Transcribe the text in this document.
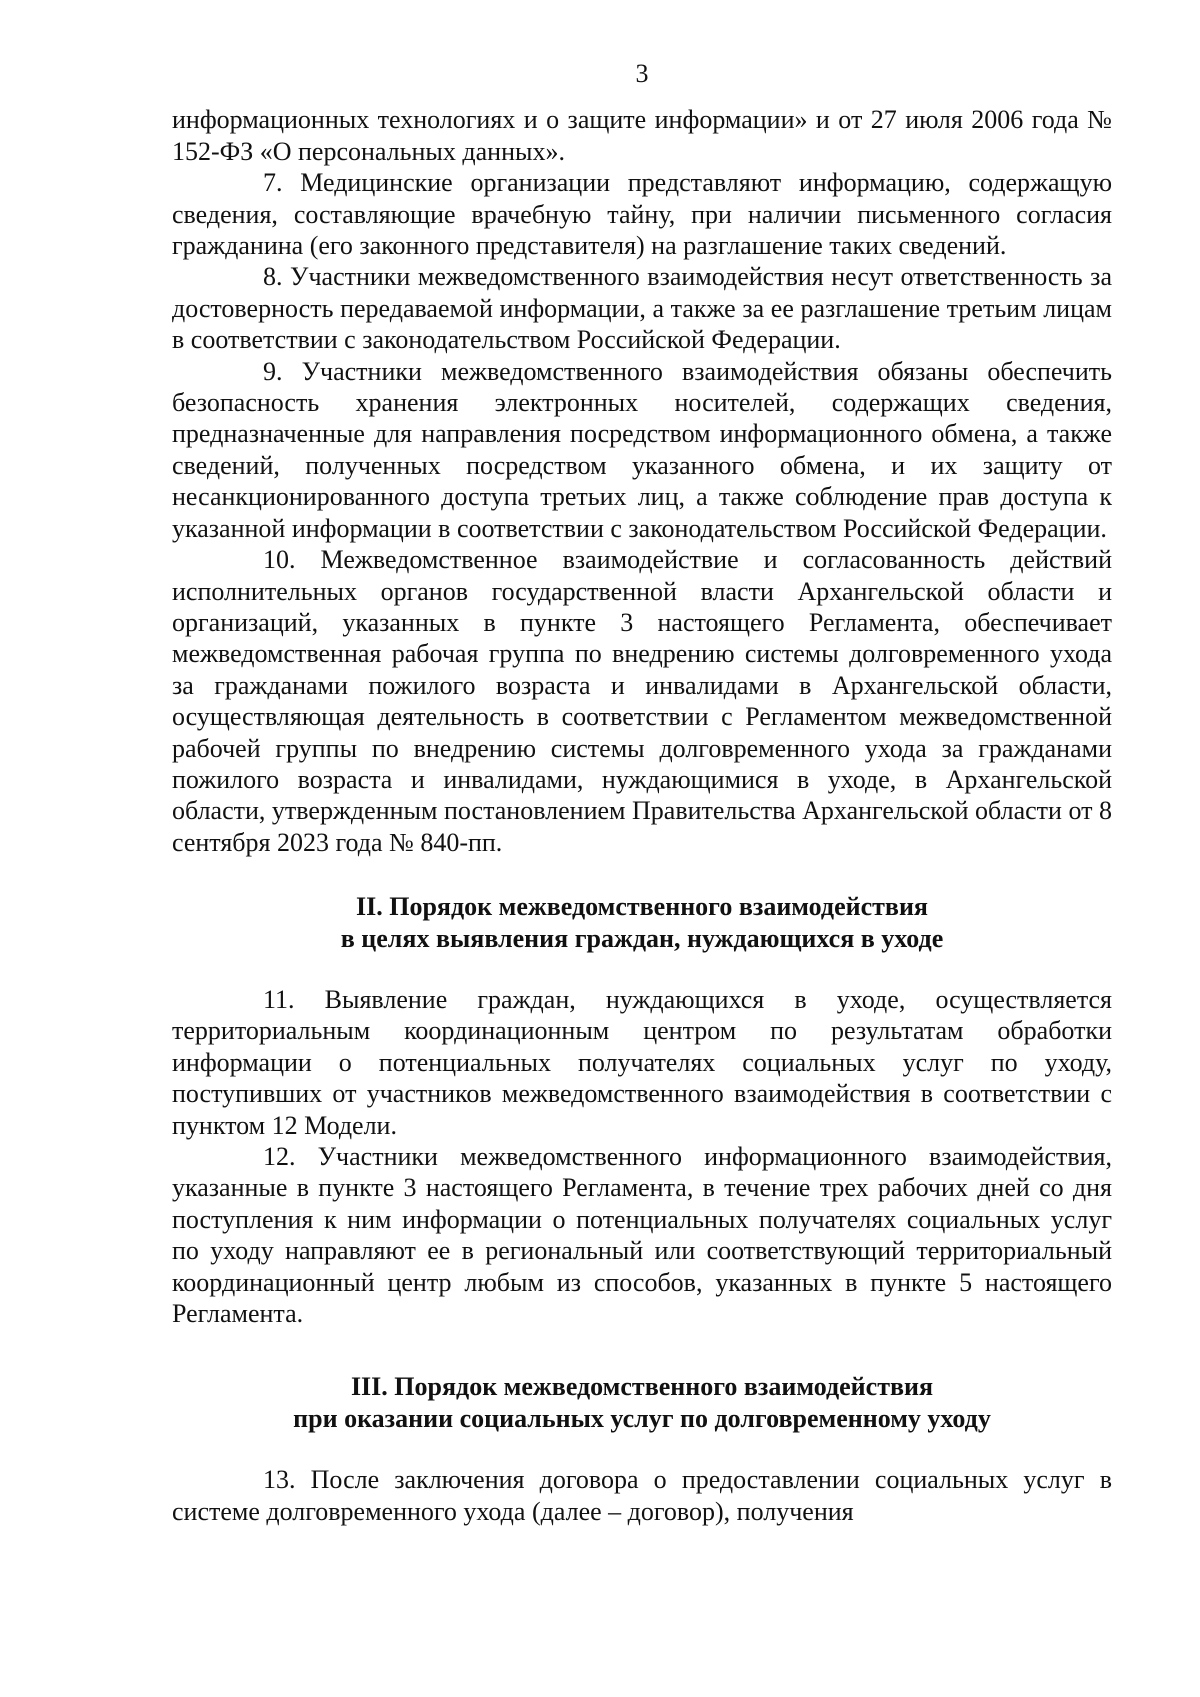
3

информационных технологиях и о защите информации» и от 27 июля 2006 года № 152-ФЗ «О персональных данных».

7. Медицинские организации представляют информацию, содержащую сведения, составляющие врачебную тайну, при наличии письменного согласия гражданина (его законного представителя) на разглашение таких сведений.

8. Участники межведомственного взаимодействия несут ответственность за достоверность передаваемой информации, а также за ее разглашение третьим лицам в соответствии с законодательством Российской Федерации.

9. Участники межведомственного взаимодействия обязаны обеспечить безопасность хранения электронных носителей, содержащих сведения, предназначенные для направления посредством информационного обмена, а также сведений, полученных посредством указанного обмена, и их защиту от несанкционированного доступа третьих лиц, а также соблюдение прав доступа к указанной информации в соответствии с законодательством Российской Федерации.

10. Межведомственное взаимодействие и согласованность действий исполнительных органов государственной власти Архангельской области и организаций, указанных в пункте 3 настоящего Регламента, обеспечивает межведомственная рабочая группа по внедрению системы долговременного ухода за гражданами пожилого возраста и инвалидами в Архангельской области, осуществляющая деятельность в соответствии с Регламентом межведомственной рабочей группы по внедрению системы долговременного ухода за гражданами пожилого возраста и инвалидами, нуждающимися в уходе, в Архангельской области, утвержденным постановлением Правительства Архангельской области от 8 сентября 2023 года № 840-пп.

II. Порядок межведомственного взаимодействия
в целях выявления граждан, нуждающихся в уходе

11. Выявление граждан, нуждающихся в уходе, осуществляется территориальным координационным центром по результатам обработки информации о потенциальных получателях социальных услуг по уходу, поступивших от участников межведомственного взаимодействия в соответствии с пунктом 12 Модели.

12. Участники межведомственного информационного взаимодействия, указанные в пункте 3 настоящего Регламента, в течение трех рабочих дней со дня поступления к ним информации о потенциальных получателях социальных услуг по уходу направляют ее в региональный или соответствующий территориальный координационный центр любым из способов, указанных в пункте 5 настоящего Регламента.

III. Порядок межведомственного взаимодействия
при оказании социальных услуг по долговременному уходу

13. После заключения договора о предоставлении социальных услуг в системе долговременного ухода (далее – договор), получения
